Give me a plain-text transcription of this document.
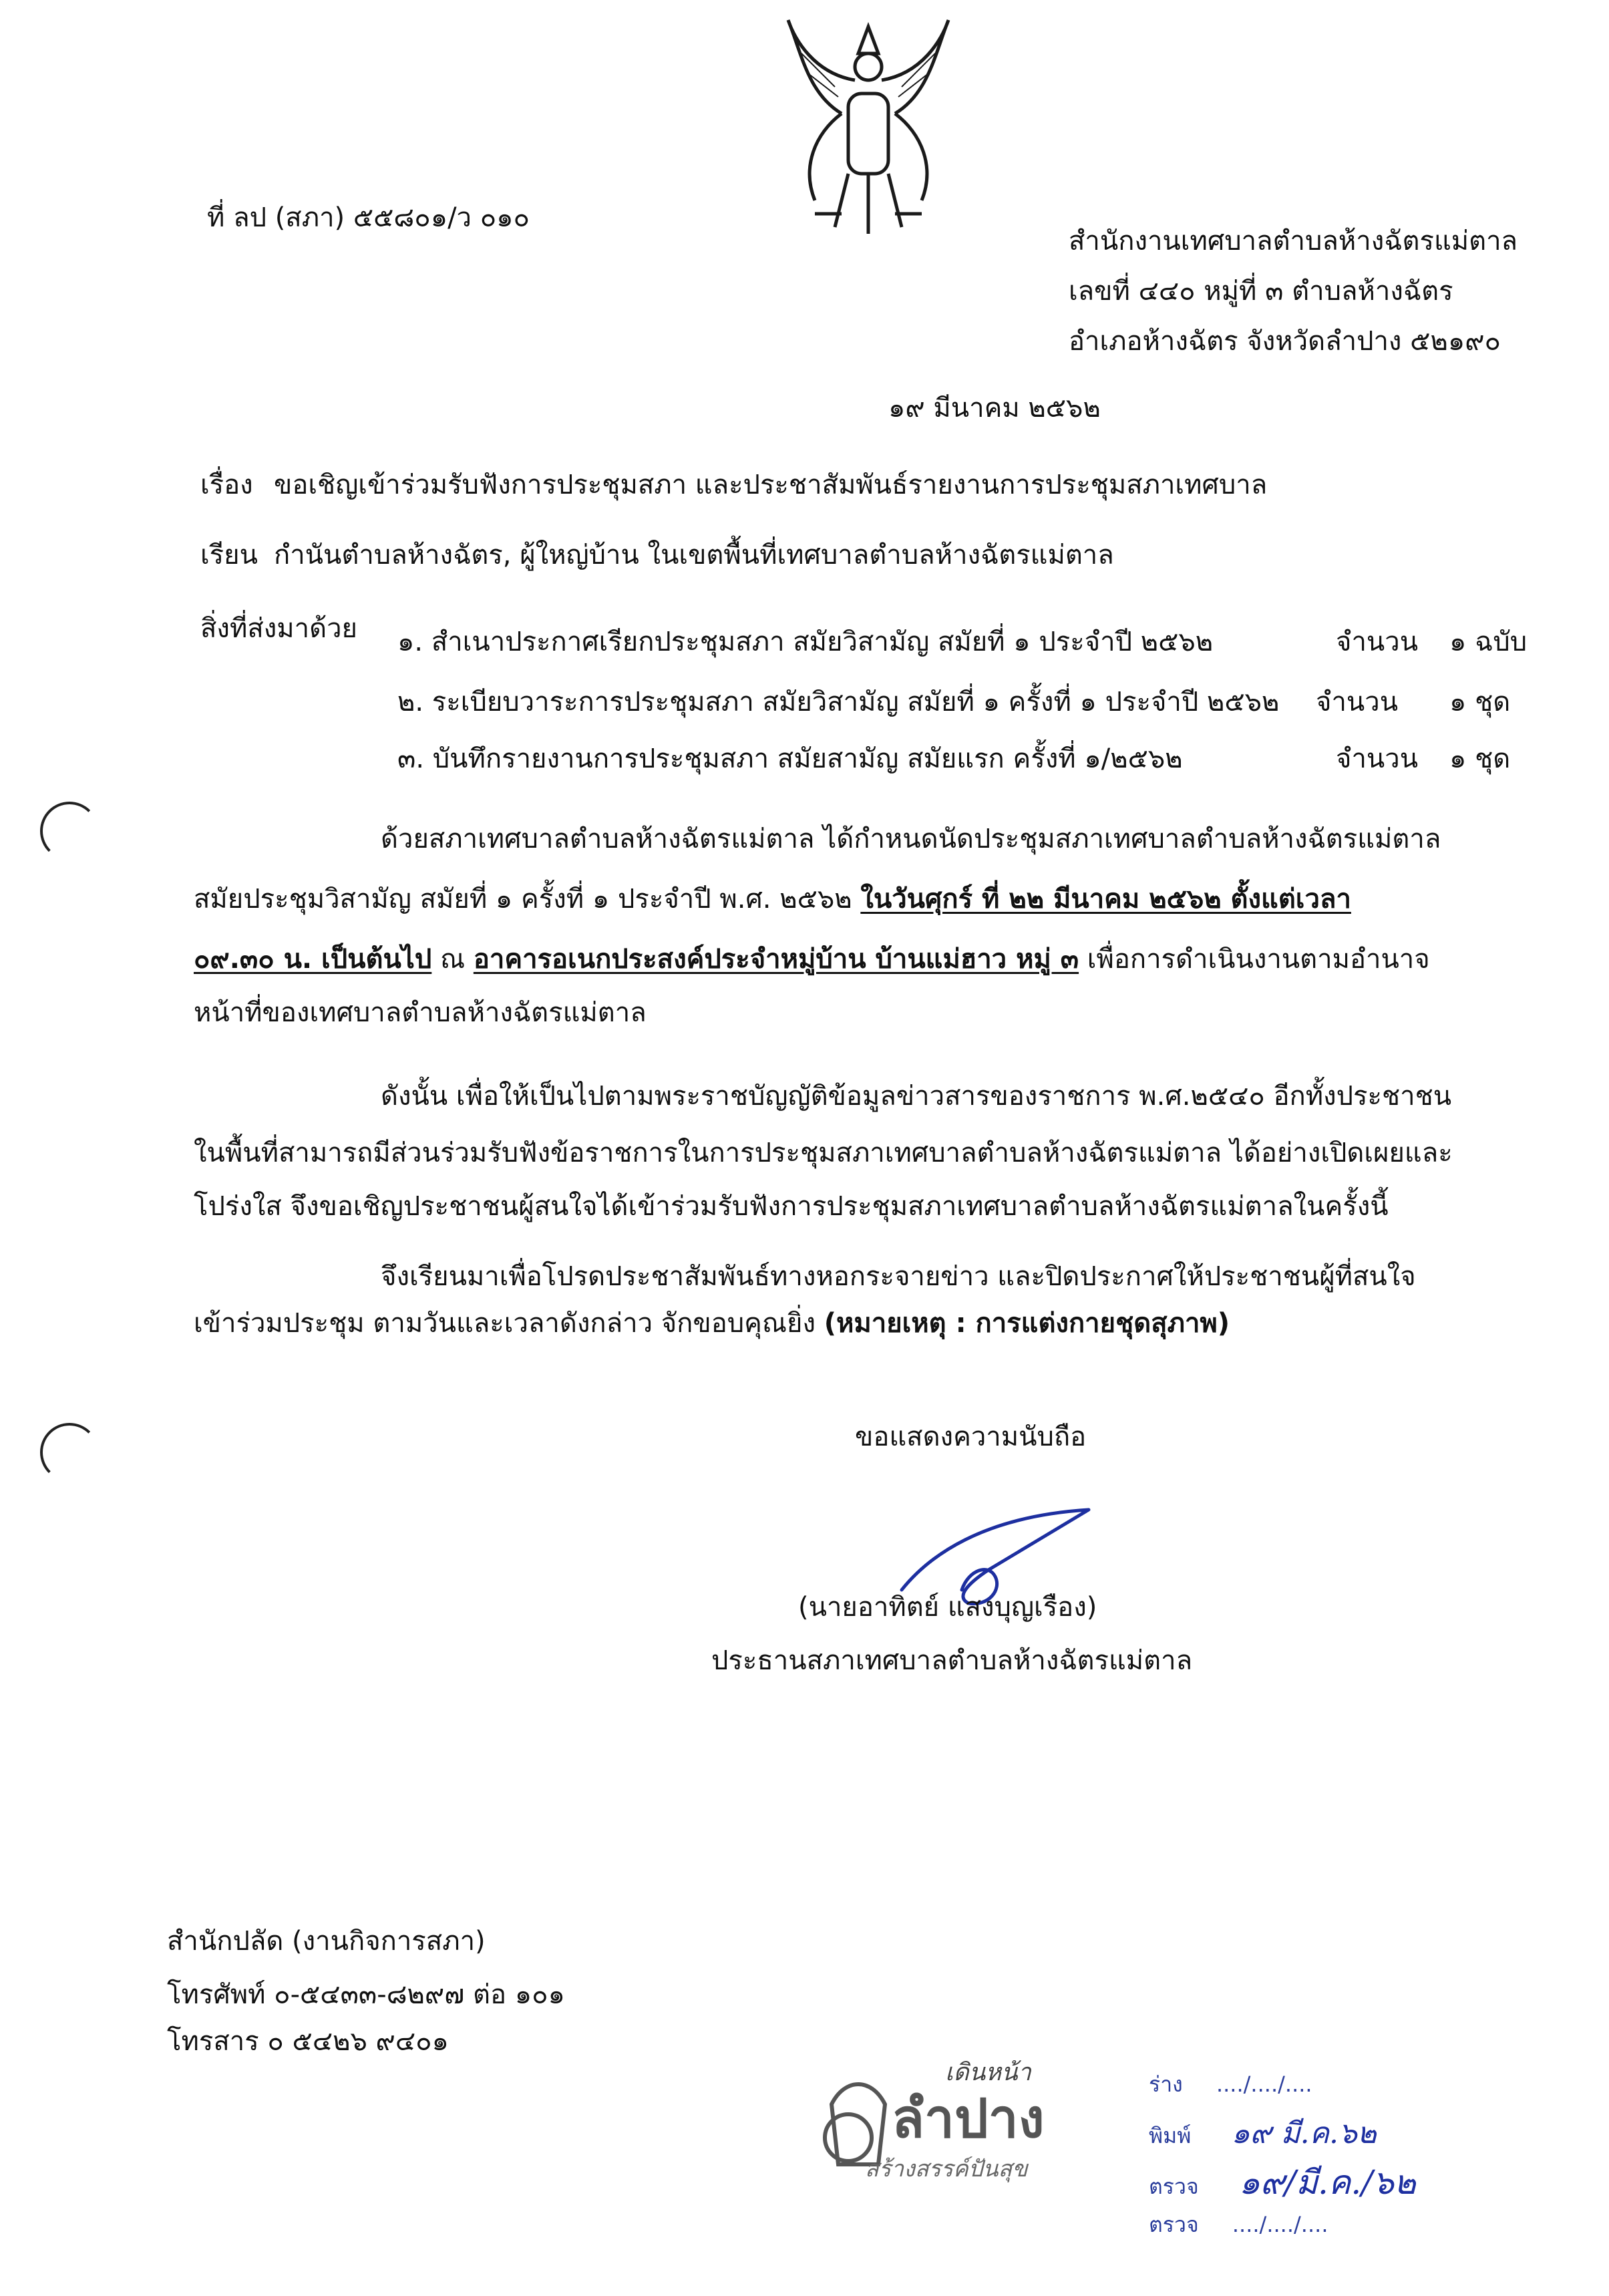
ที่ ลป (สภา) ๕๕๘๐๑/ว ๐๑๐
สำนักงานเทศบาลตำบลห้างฉัตรแม่ตาล
เลขที่ ๔๔๐ หมู่ที่ ๓ ตำบลห้างฉัตร
อำเภอห้างฉัตร จังหวัดลำปาง ๕๒๑๙๐
๑๙ มีนาคม ๒๕๖๒
เรื่อง ขอเชิญเข้าร่วมรับฟังการประชุมสภา และประชาสัมพันธ์รายงานการประชุมสภาเทศบาล
เรียน กำนันตำบลห้างฉัตร, ผู้ใหญ่บ้าน ในเขตพื้นที่เทศบาลตำบลห้างฉัตรแม่ตาล
สิ่งที่ส่งมาด้วย ๑. สำเนาประกาศเรียกประชุมสภา สมัยวิสามัญ สมัยที่ ๑ ประจำปี ๒๕๖๒	จำนวน ๑ ฉบับ
๒. ระเบียบวาระการประชุมสภา สมัยวิสามัญ สมัยที่ ๑ ครั้งที่ ๑ ประจำปี ๒๕๖๒ จำนวน ๑ ชุด
๓. บันทึกรายงานการประชุมสภา สมัยสามัญ สมัยแรก ครั้งที่ ๑/๒๕๖๒	จำนวน ๑ ชุด
ด้วยสภาเทศบาลตำบลห้างฉัตรแม่ตาล ได้กำหนดนัดประชุมสภาเทศบาลตำบลห้างฉัตรแม่ตาล
สมัยประชุมวิสามัญ สมัยที่ ๑ ครั้งที่ ๑ ประจำปี พ.ศ. ๒๕๖๒ ในวันศุกร์ ที่ ๒๒ มีนาคม ๒๕๖๒ ตั้งแต่เวลา
๐๙.๓๐ น. เป็นต้นไป ณ อาคารอเนกประสงค์ประจำหมู่บ้าน บ้านแม่ฮาว หมู่ ๓ เพื่อการดำเนินงานตามอำนาจ
หน้าที่ของเทศบาลตำบลห้างฉัตรแม่ตาล
ดังนั้น เพื่อให้เป็นไปตามพระราชบัญญัติข้อมูลข่าวสารของราชการ พ.ศ.๒๕๔๐ อีกทั้งประชาชน
ในพื้นที่สามารถมีส่วนร่วมรับฟังข้อราชการในการประชุมสภาเทศบาลตำบลห้างฉัตรแม่ตาล ได้อย่างเปิดเผยและ
โปร่งใส จึงขอเชิญประชาชนผู้สนใจได้เข้าร่วมรับฟังการประชุมสภาเทศบาลตำบลห้างฉัตรแม่ตาลในครั้งนี้
จึงเรียนมาเพื่อโปรดประชาสัมพันธ์ทางหอกระจายข่าว และปิดประกาศให้ประชาชนผู้ที่สนใจ
เข้าร่วมประชุม ตามวันและเวลาดังกล่าว จักขอบคุณยิ่ง (หมายเหตุ : การแต่งกายชุดสุภาพ)
ขอแสดงความนับถือ
(นายอาทิตย์ แสงบุญเรือง)
ประธานสภาเทศบาลตำบลห้างฉัตรแม่ตาล
สำนักปลัด (งานกิจการสภา)
โทรศัพท์ ๐-๕๔๓๓-๘๒๙๗ ต่อ ๑๐๑
โทรสาร ๐ ๕๔๒๖ ๙๔๐๑
เดินหน้า
ลำปาง
สร้างสรรค์ปันสุข
ร่าง ..../..../....
พิมพ์ ๑๙ มี.ค.๖๒
ตรวจ ๑๙/มี.ค./๖๒
ตรวจ ..../..../....
